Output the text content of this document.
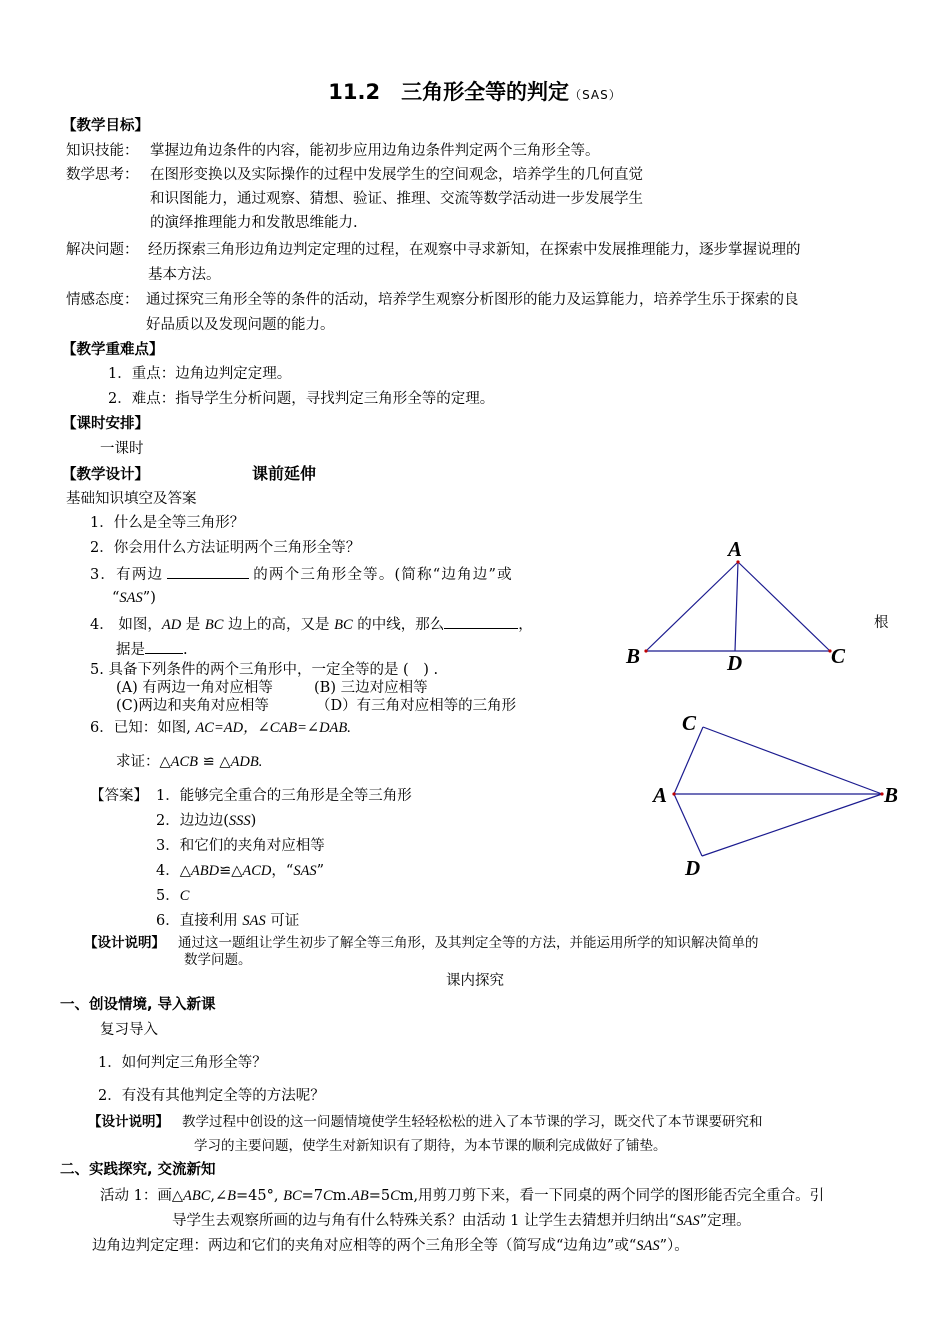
11.2　三角形全等的判定（SAS）
【教学目标】
知识技能： 掌握边角边条件的内容，能初步应用边角边条件判定两个三角形全等。
数学思考： 在图形变换以及实际操作的过程中发展学生的空间观念，培养学生的几何直觉
和识图能力，通过观察、猜想、验证、推理、交流等数学活动进一步发展学生
的演绎推理能力和发散思维能力.
解决问题： 经历探索三角形边角边判定定理的过程，在观察中寻求新知，在探索中发展推理能力，逐步掌握说理的
基本方法。
情感态度： 通过探究三角形全等的条件的活动，培养学生观察分析图形的能力及运算能力，培养学生乐于探索的良
好品质以及发现问题的能力。
【教学重难点】
1．重点：边角边判定定理。
2．难点：指导学生分析问题，寻找判定三角形全等的定理。
【课时安排】
一课时
【教学设计】	课前延伸
基础知识填空及答案
1．什么是全等三角形？
2．你会用什么方法证明两个三角形全等？
3．有两边	的两个三角形全等。(简称“边角边”或
“SAS”)
4． 如图，AD 是 BC 边上的高，又是 BC 的中线，那么	，	根
据是	.
5. 具备下列条件的两个三角形中，一定全等的是 (　) .
(A) 有两边一角对应相等	(B) 三边对应相等
(C)两边和夹角对应相等	（D）有三角对应相等的三角形
6．已知：如图, AC=AD，∠CAB=∠DAB.
求证：△ACB ≌ △ADB.
【答案】 1．能够完全重合的三角形是全等三角形
2．边边边(SSS)
3．和它们的夹角对应相等
4．△ABD≌△ACD，“SAS”
5．C
6．直接利用 SAS 可证
【设计说明】 通过这一题组让学生初步了解全等三角形，及其判定全等的方法，并能运用所学的知识解决简单的
数学问题。
A
B	C
D
C
A	B
D
课内探究
一、创设情境, 导入新课
复习导入
1．如何判定三角形全等？
2．有没有其他判定全等的方法呢？
【设计说明】 教学过程中创设的这一问题情境使学生轻轻松松的进入了本节课的学习，既交代了本节课要研究和
学习的主要问题，使学生对新知识有了期待，为本节课的顺利完成做好了铺垫。
二、实践探究, 交流新知
活动 1：画△ABC,∠B=45°, BC=7Cm.AB=5Cm,用剪刀剪下来，看一下同桌的两个同学的图形能否完全重合。引
导学生去观察所画的边与角有什么特殊关系？由活动 1 让学生去猜想并归纳出“SAS”定理。
边角边判定定理：两边和它们的夹角对应相等的两个三角形全等（简写成“边角边”或“SAS”）。
